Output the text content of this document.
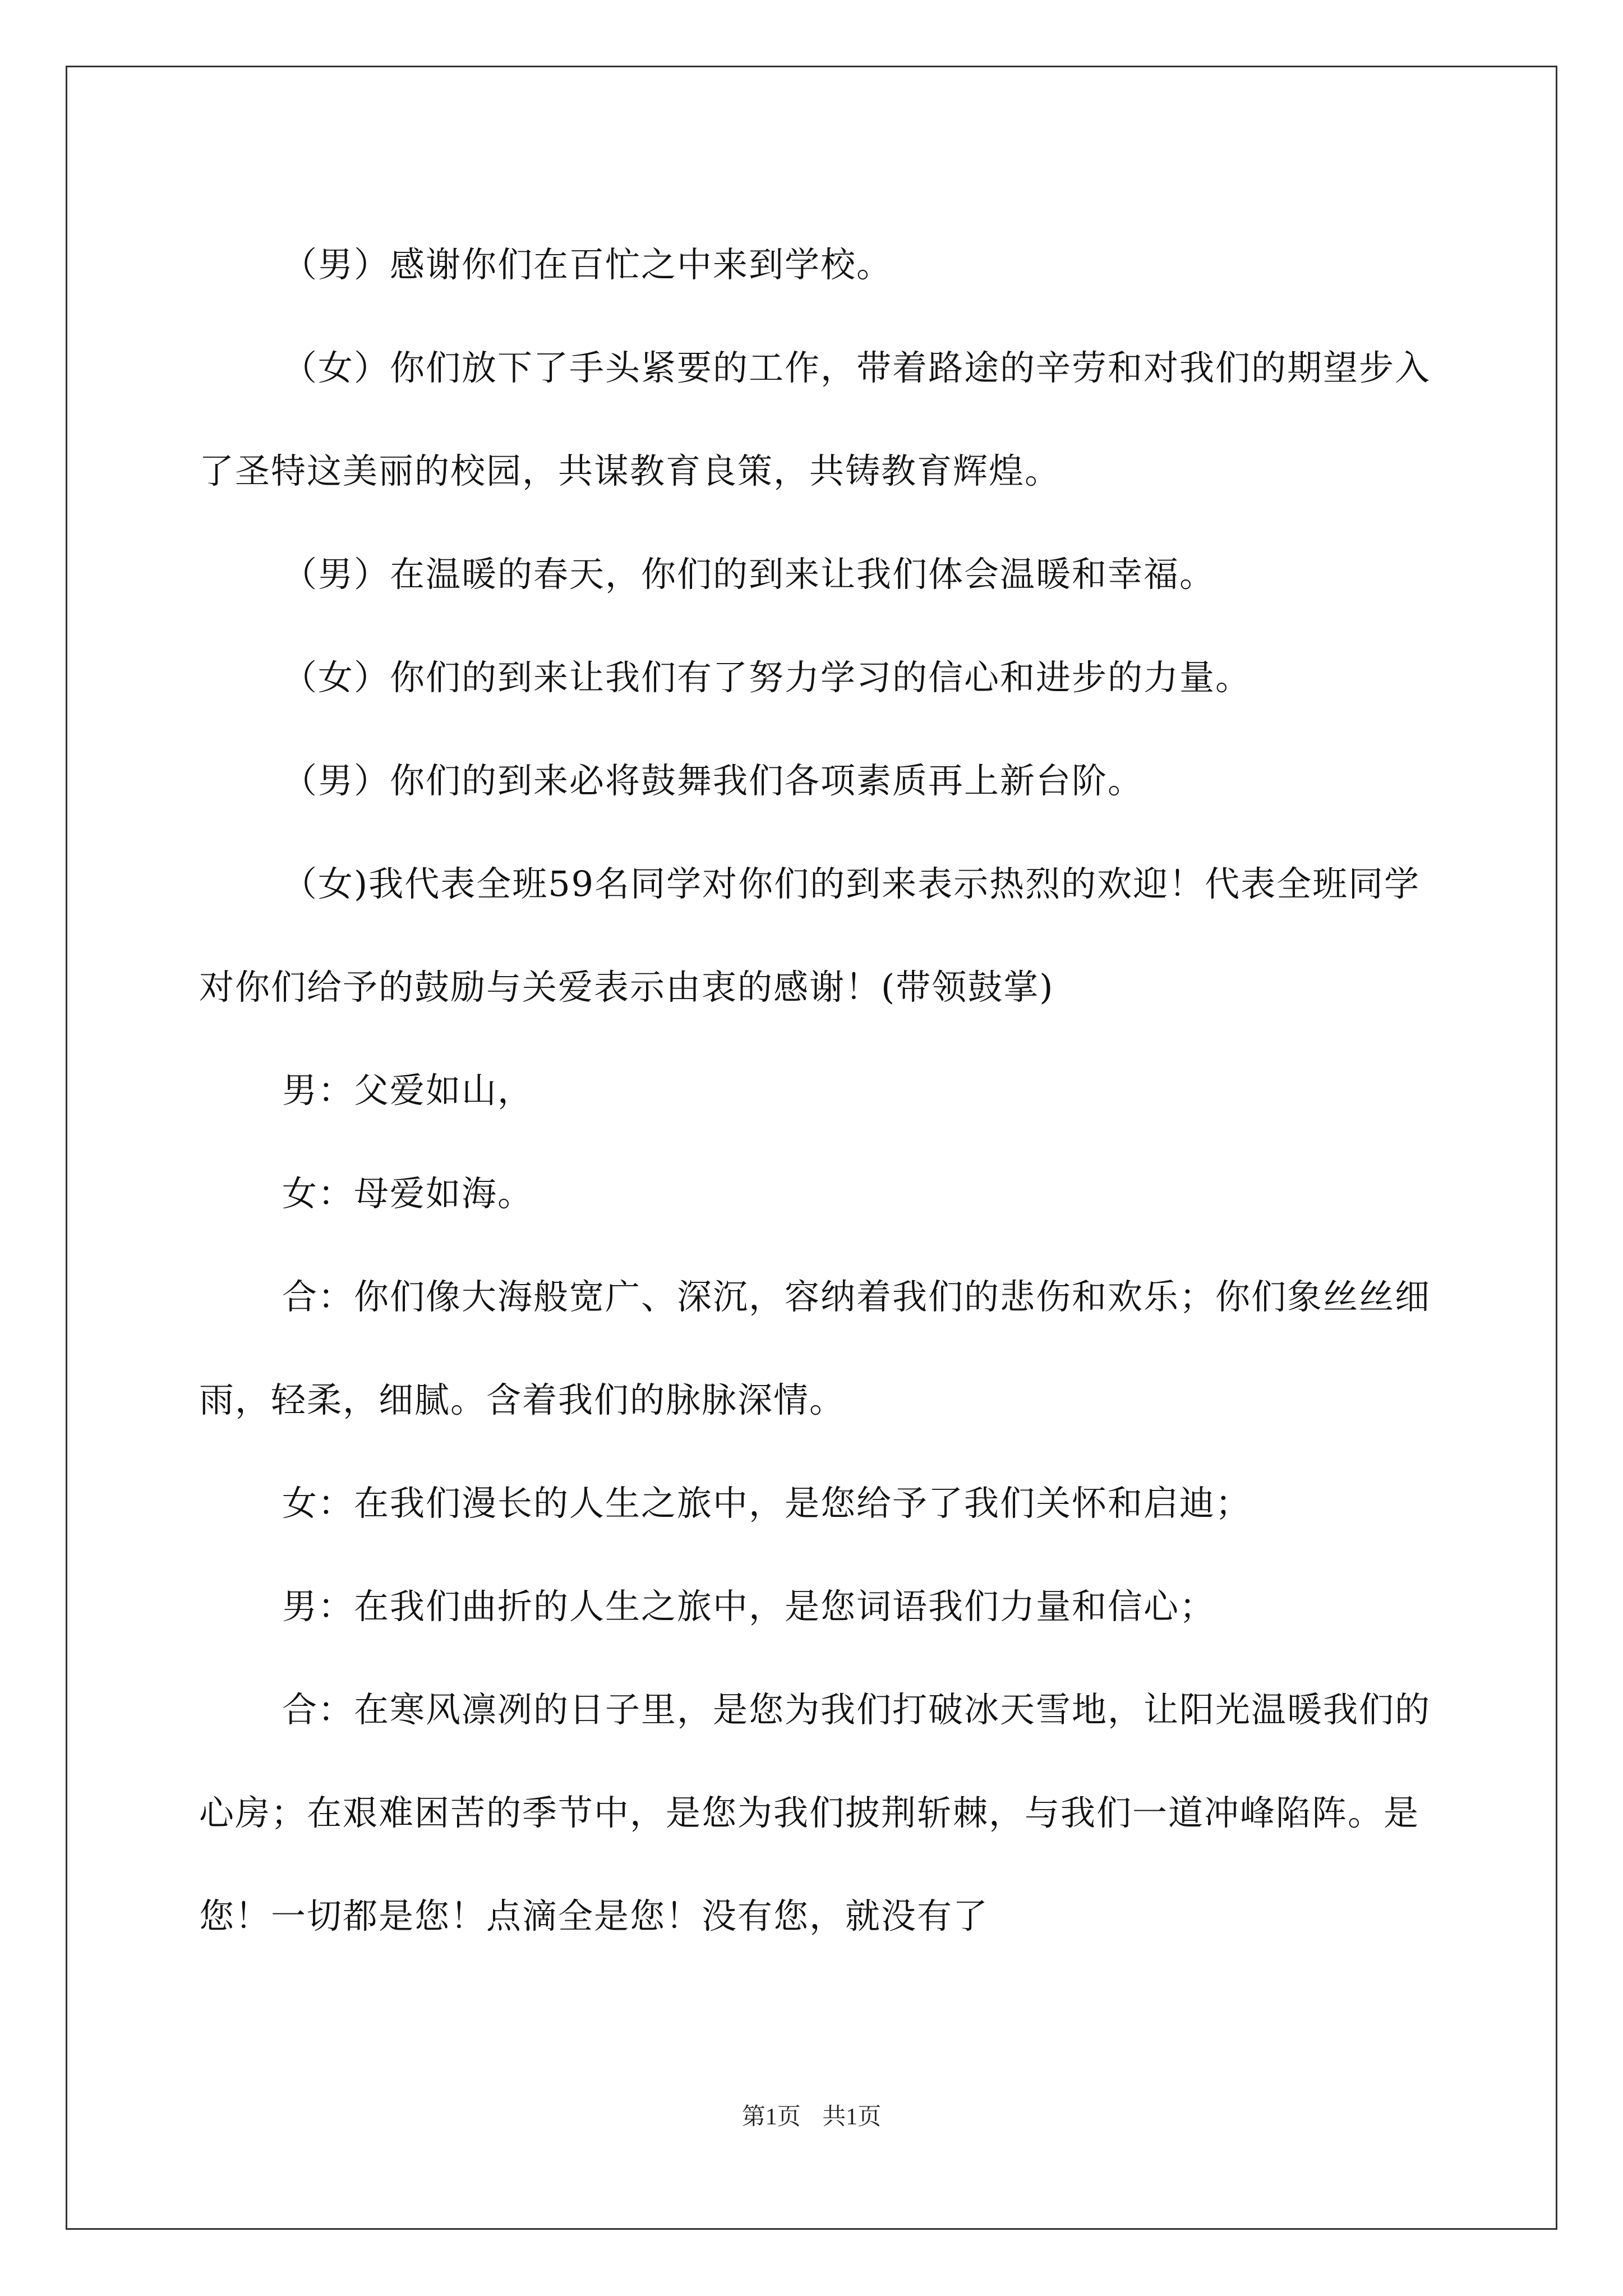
（男）感谢你们在百忙之中来到学校。

（女）你们放下了手头紧要的工作，带着路途的辛劳和对我们的期望步入了圣特这美丽的校园，共谋教育良策，共铸教育辉煌。

（男）在温暖的春天，你们的到来让我们体会温暖和幸福。

（女）你们的到来让我们有了努力学习的信心和进步的力量。

（男）你们的到来必将鼓舞我们各项素质再上新台阶。

（女)我代表全班59名同学对你们的到来表示热烈的欢迎！代表全班同学对你们给予的鼓励与关爱表示由衷的感谢！(带领鼓掌)

男：父爱如山，

女：母爱如海。

合：你们像大海般宽广、深沉，容纳着我们的悲伤和欢乐；你们象丝丝细雨，轻柔，细腻。含着我们的脉脉深情。

女：在我们漫长的人生之旅中，是您给予了我们关怀和启迪；

男：在我们曲折的人生之旅中，是您词语我们力量和信心；

合：在寒风凛冽的日子里，是您为我们打破冰天雪地，让阳光温暖我们的心房；在艰难困苦的季节中，是您为我们披荆斩棘，与我们一道冲峰陷阵。是您！一切都是您！点滴全是您！没有您，就没有了

第1页 共1页
